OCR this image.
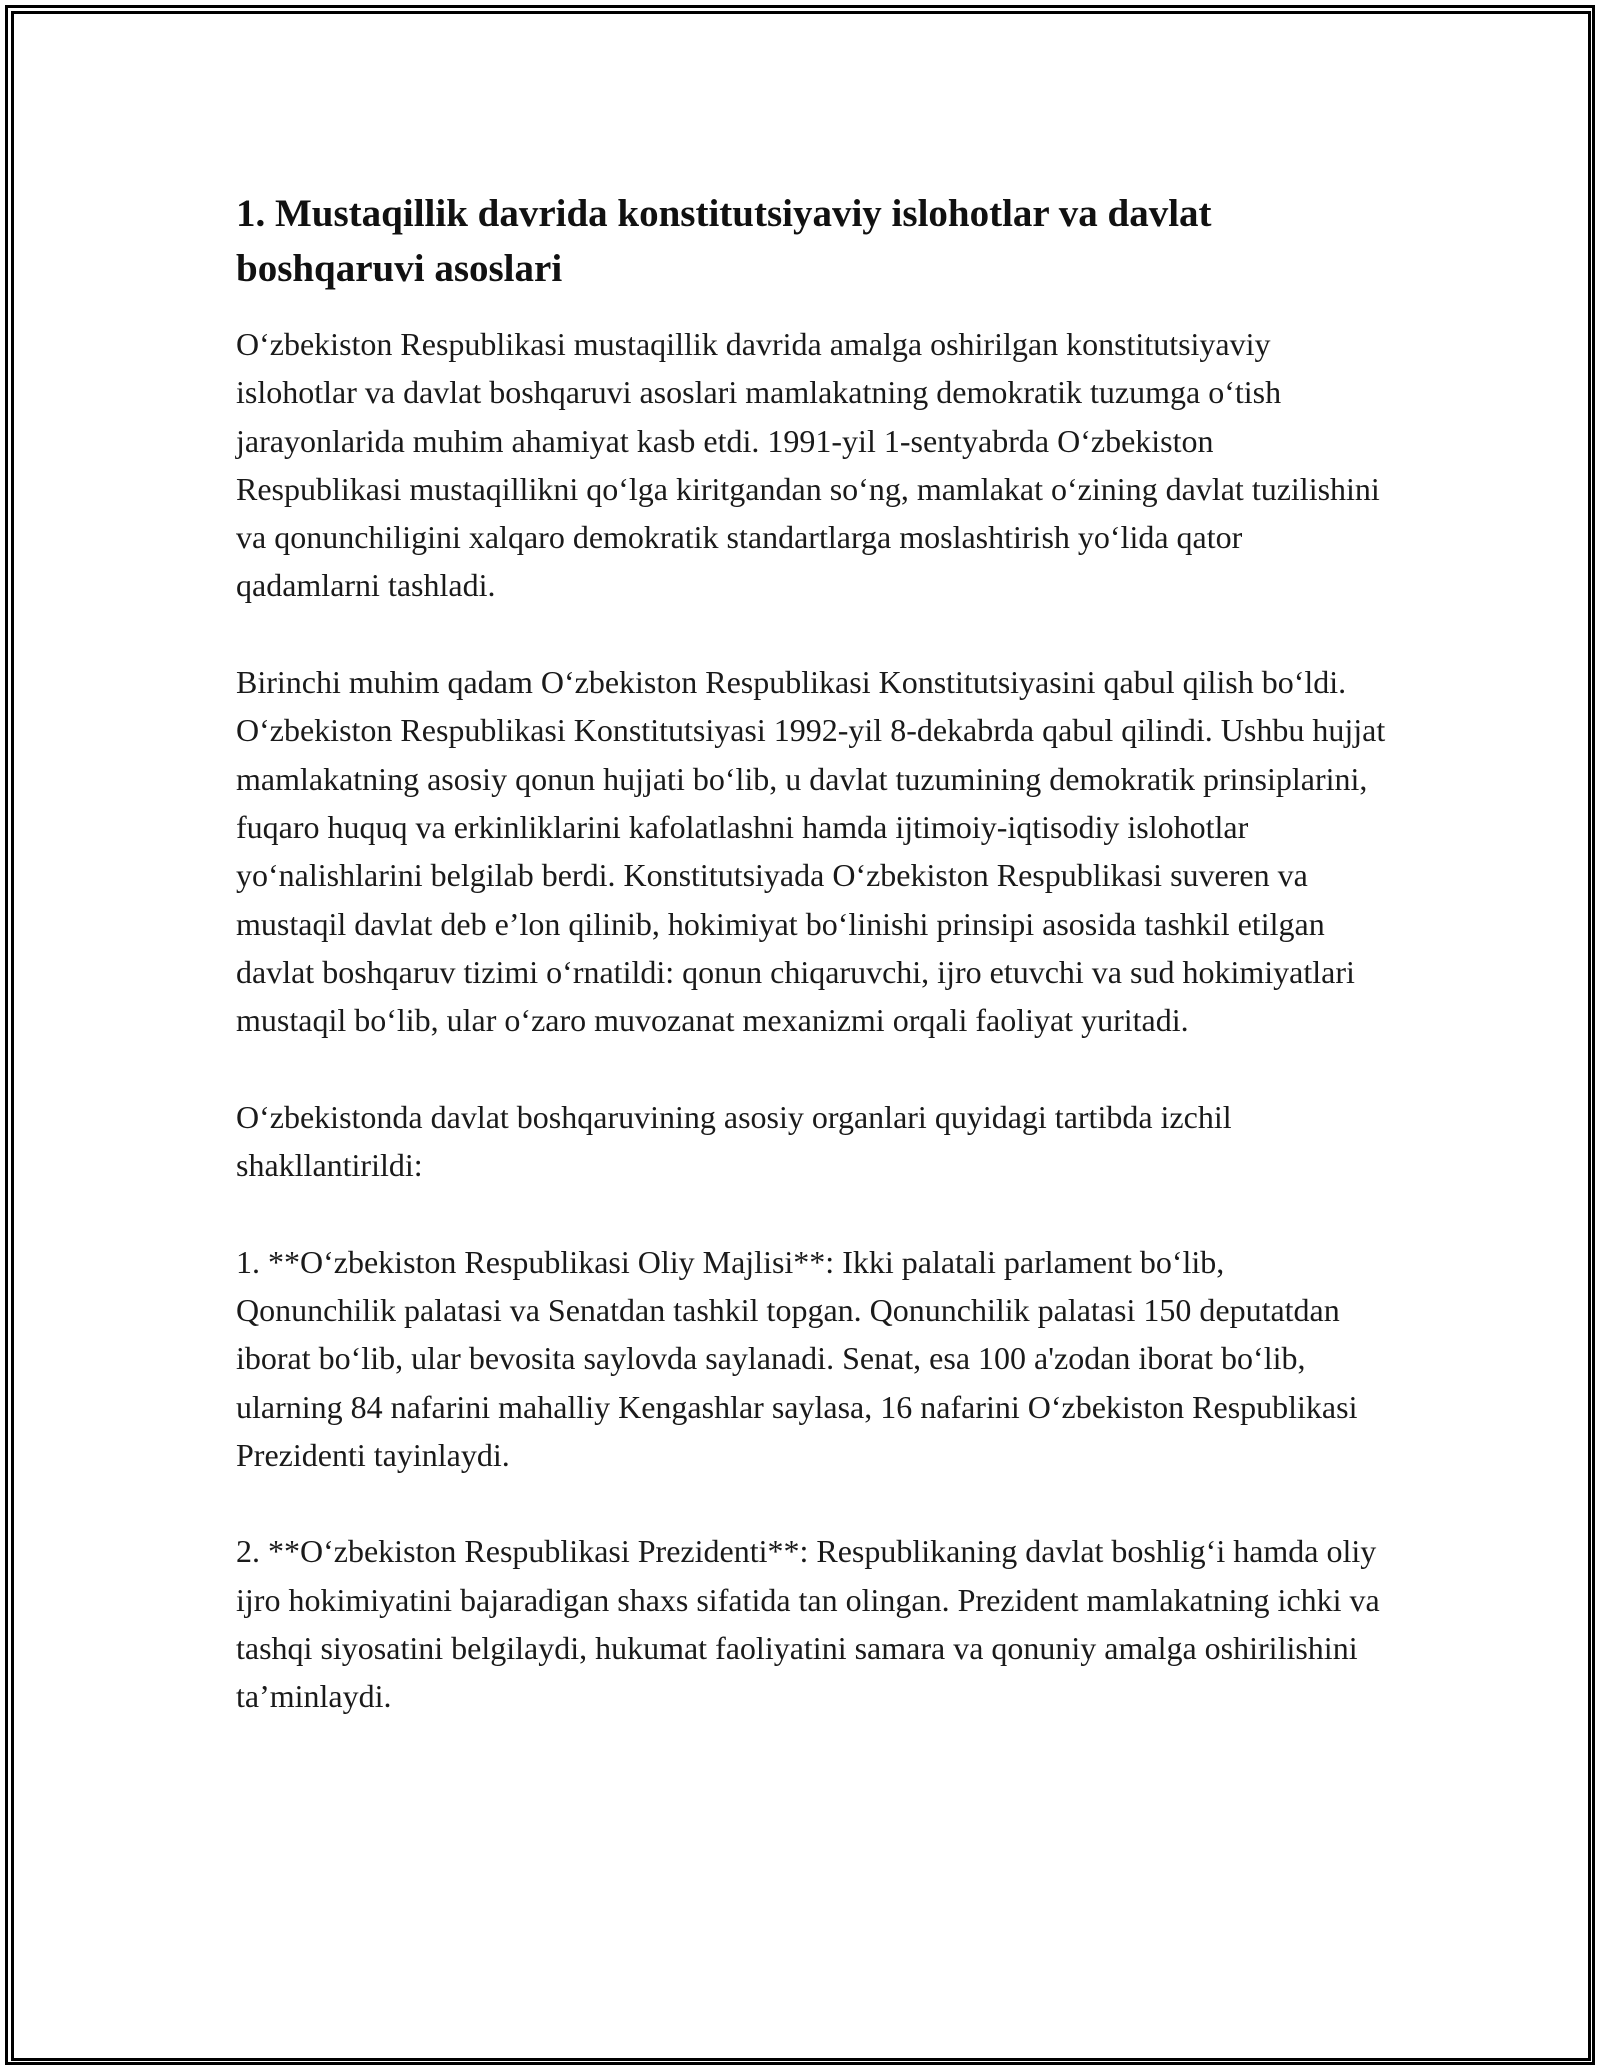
1. Mustaqillik davrida konstitutsiyaviy islohotlar va davlat boshqaruvi asoslari

O‘zbekiston Respublikasi mustaqillik davrida amalga oshirilgan konstitutsiyaviy islohotlar va davlat boshqaruvi asoslari mamlakatning demokratik tuzumga o‘tish jarayonlarida muhim ahamiyat kasb etdi. 1991-yil 1-sentyabrda O‘zbekiston Respublikasi mustaqillikni qo‘lga kiritgandan so‘ng, mamlakat o‘zining davlat tuzilishini va qonunchiligini xalqaro demokratik standartlarga moslashtirish yo‘lida qator qadamlarni tashladi.

Birinchi muhim qadam O‘zbekiston Respublikasi Konstitutsiyasini qabul qilish bo‘ldi. O‘zbekiston Respublikasi Konstitutsiyasi 1992-yil 8-dekabrda qabul qilindi. Ushbu hujjat mamlakatning asosiy qonun hujjati bo‘lib, u davlat tuzumining demokratik prinsiplarini, fuqaro huquq va erkinliklarini kafolatlashni hamda ijtimoiy-iqtisodiy islohotlar yo‘nalishlarini belgilab berdi. Konstitutsiyada O‘zbekiston Respublikasi suveren va mustaqil davlat deb e’lon qilinib, hokimiyat bo‘linishi prinsipi asosida tashkil etilgan davlat boshqaruv tizimi o‘rnatildi: qonun chiqaruvchi, ijro etuvchi va sud hokimiyatlari mustaqil bo‘lib, ular o‘zaro muvozanat mexanizmi orqali faoliyat yuritadi.

O‘zbekistonda davlat boshqaruvining asosiy organlari quyidagi tartibda izchil shakllantirildi:

1. **O‘zbekiston Respublikasi Oliy Majlisi**: Ikki palatali parlament bo‘lib, Qonunchilik palatasi va Senatdan tashkil topgan. Qonunchilik palatasi 150 deputatdan iborat bo‘lib, ular bevosita saylovda saylanadi. Senat, esa 100 a'zodan iborat bo‘lib, ularning 84 nafarini mahalliy Kengashlar saylasa, 16 nafarini O‘zbekiston Respublikasi Prezidenti tayinlaydi.

2. **O‘zbekiston Respublikasi Prezidenti**: Respublikaning davlat boshlig‘i hamda oliy ijro hokimiyatini bajaradigan shaxs sifatida tan olingan. Prezident mamlakatning ichki va tashqi siyosatini belgilaydi, hukumat faoliyatini samara va qonuniy amalga oshirilishini ta’minlaydi.
